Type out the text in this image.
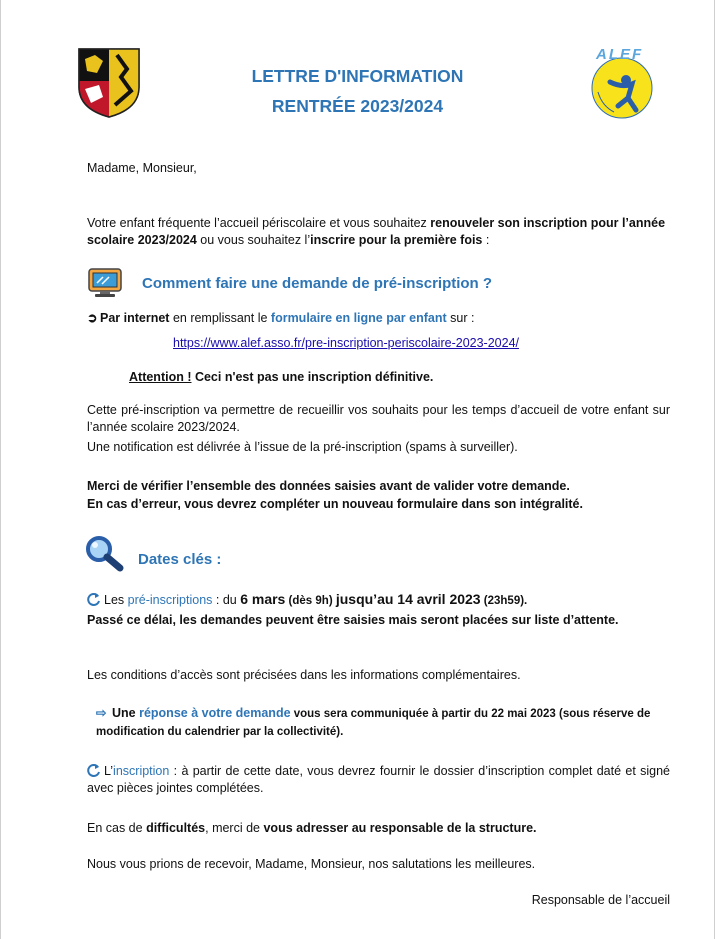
ALEF
LETTRE D'INFORMATION
RENTRÉE 2023/2024
Madame, Monsieur,
Votre enfant fréquente l’accueil périscolaire et vous souhaitez renouveler son inscription pour l’année scolaire 2023/2024 ou vous souhaitez l’inscrire pour la première fois :
Comment faire une demande de pré-inscription ?
➲ Par internet en remplissant le formulaire en ligne par enfant sur :
https://www.alef.asso.fr/pre-inscription-periscolaire-2023-2024/
Attention ! Ceci n'est pas une inscription définitive.
Cette pré-inscription va permettre de recueillir vos souhaits pour les temps d’accueil de votre enfant sur l’année scolaire 2023/2024.
Une notification est délivrée à l’issue de la pré-inscription (spams à surveiller).
Merci de vérifier l’ensemble des données saisies avant de valider votre demande.
En cas d’erreur, vous devrez compléter un nouveau formulaire dans son intégralité.
Dates clés :
Les pré-inscriptions : du 6 mars (dès 9h) jusqu’au 14 avril 2023 (23h59).
Passé ce délai, les demandes peuvent être saisies mais seront placées sur liste d’attente.
Les conditions d’accès sont précisées dans les informations complémentaires.
⇨ Une réponse à votre demande vous sera communiquée à partir du 22 mai 2023 (sous réserve de modification du calendrier par la collectivité).
L’inscription : à partir de cette date, vous devrez fournir le dossier d’inscription complet daté et signé avec pièces jointes complétées.
En cas de difficultés, merci de vous adresser au responsable de la structure.
Nous vous prions de recevoir, Madame, Monsieur, nos salutations les meilleures.
Responsable de l’accueil
